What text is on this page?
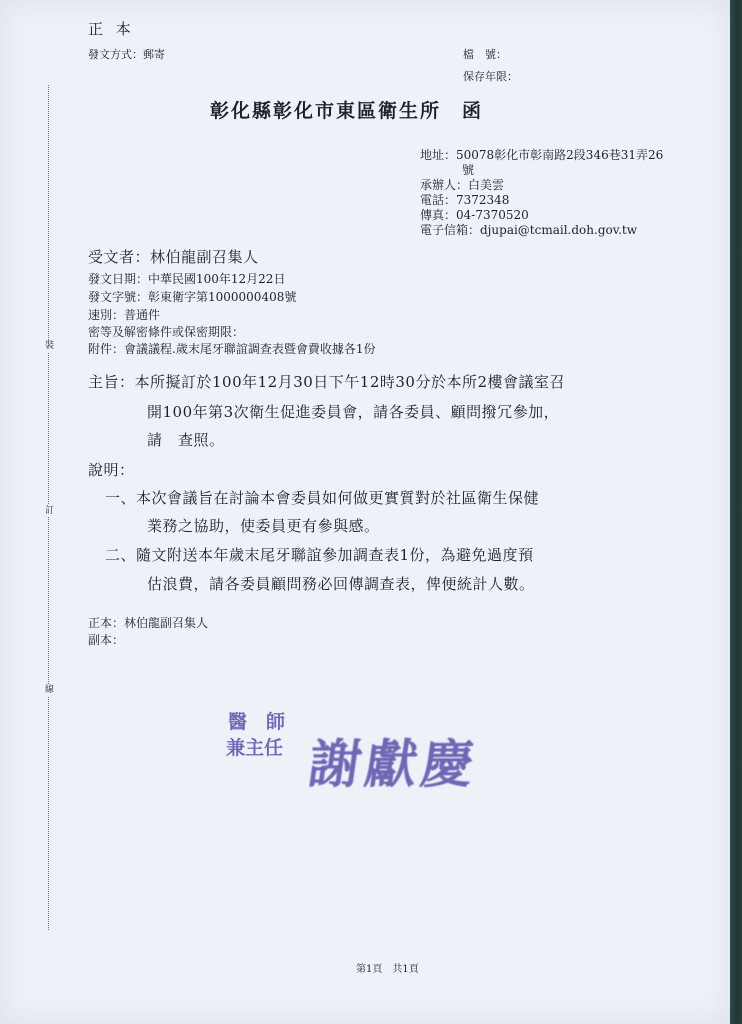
裝
訂
線
正 本
發文方式：郵寄	檔　號：
保存年限：
彰化縣彰化市東區衛生所　函
地址：50078彰化市彰南路2段346巷31弄26
號
承辦人：白美雲
電話：7372348
傳真：04-7370520
電子信箱：djupai@tcmail.doh.gov.tw
受文者：林伯龍副召集人
發文日期：中華民國100年12月22日
發文字號：彰東衛字第1000000408號
速別：普通件
密等及解密條件或保密期限：
附件：會議議程.歲末尾牙聯誼調查表暨會費收據各1份
主旨：本所擬訂於100年12月30日下午12時30分於本所2樓會議室召
開100年第3次衛生促進委員會，請各委員、顧問撥冗參加，
請　查照。
說明：
一、本次會議旨在討論本會委員如何做更實質對於社區衛生保健
業務之協助，使委員更有參與感。
二、隨文附送本年歲末尾牙聯誼參加調查表1份，為避免過度預
估浪費，請各委員顧問務必回傳調查表，俾便統計人數。
正本：林伯龍副召集人
副本：
醫　師
兼主任 謝獻慶
第1頁　共1頁
